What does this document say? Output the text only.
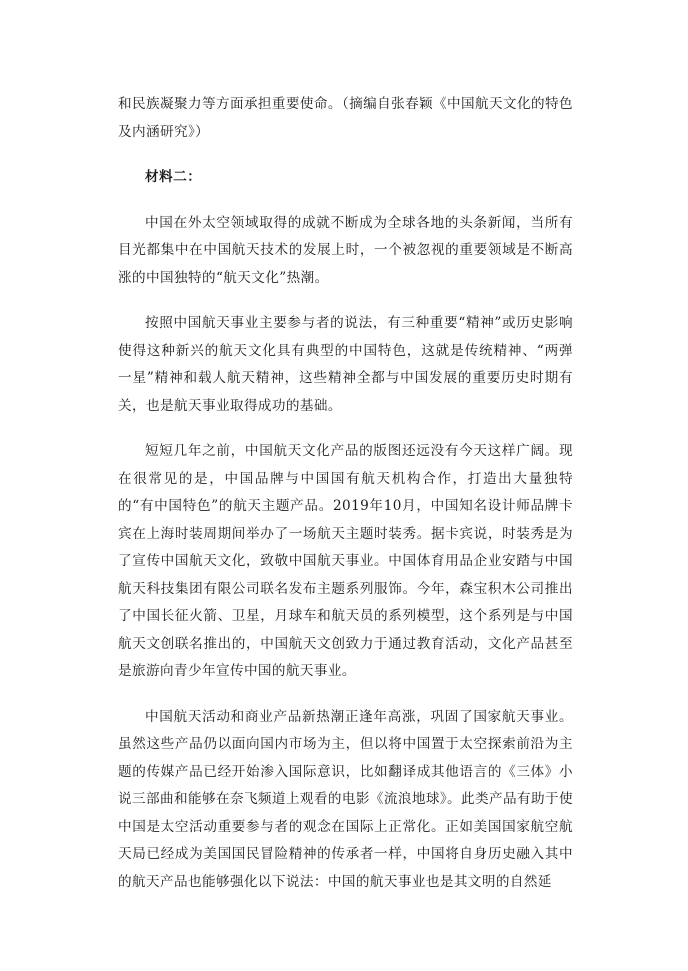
和民族凝聚力等方面承担重要使命。（摘编自张春颖《中国航天文化的特色及内涵研究》）

材料二：

中国在外太空领域取得的成就不断成为全球各地的头条新闻，当所有目光都集中在中国航天技术的发展上时，一个被忽视的重要领域是不断高涨的中国独特的“航天文化”热潮。

按照中国航天事业主要参与者的说法，有三种重要“精神”或历史影响使得这种新兴的航天文化具有典型的中国特色，这就是传统精神、“两弹一星”精神和载人航天精神，这些精神全都与中国发展的重要历史时期有关，也是航天事业取得成功的基础。

短短几年之前，中国航天文化产品的版图还远没有今天这样广阔。现在很常见的是，中国品牌与中国国有航天机构合作，打造出大量独特的“有中国特色”的航天主题产品。2019年10月，中国知名设计师品牌卡宾在上海时装周期间举办了一场航天主题时装秀。据卡宾说，时装秀是为了宣传中国航天文化，致敬中国航天事业。中国体育用品企业安踏与中国航天科技集团有限公司联名发布主题系列服饰。今年，森宝积木公司推出了中国长征火箭、卫星，月球车和航天员的系列模型，这个系列是与中国航天文创联名推出的，中国航天文创致力于通过教育活动，文化产品甚至是旅游向青少年宣传中国的航天事业。

中国航天活动和商业产品新热潮正逢年高涨，巩固了国家航天事业。虽然这些产品仍以面向国内市场为主，但以将中国置于太空探索前沿为主题的传媒产品已经开始渗入国际意识，比如翻译成其他语言的《三体》小说三部曲和能够在奈飞频道上观看的电影《流浪地球》。此类产品有助于使中国是太空活动重要参与者的观念在国际上正常化。正如美国国家航空航天局已经成为美国国民冒险精神的传承者一样，中国将自身历史融入其中的航天产品也能够强化以下说法：中国的航天事业也是其文明的自然延
